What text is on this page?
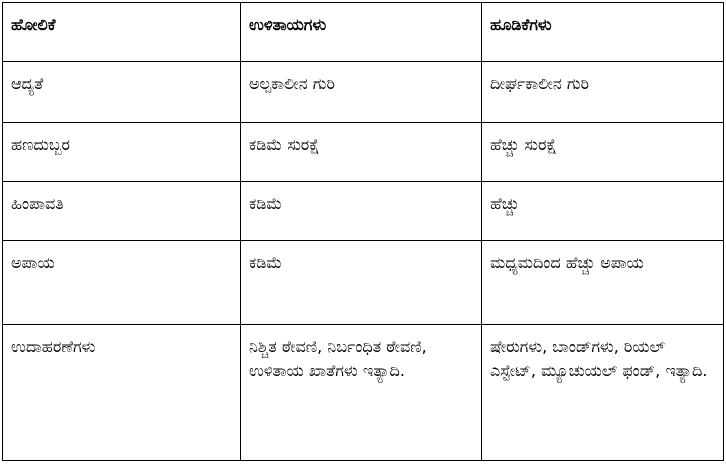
ಹೋಲಿಕೆ	ಉಳಿತಾಯಗಳು	ಹೂಡಿಕೆಗಳು
ಆದ್ಯತೆ	ಅಲ್ಪಕಾಲೀನ ಗುರಿ	ದೀರ್ಘಕಾಲೀನ ಗುರಿ
ಹಣದುಬ್ಬರ	ಕಡಿಮೆ ಸುರಕ್ಷೆ	ಹೆಚ್ಚು ಸುರಕ್ಷೆ
ಹಿಂಪಾವತಿ	ಕಡಿಮೆ	ಹೆಚ್ಚು
ಅಪಾಯ	ಕಡಿಮೆ	ಮಧ್ಯಮದಿಂದ ಹೆಚ್ಚು ಅಪಾಯ
ಉದಾಹರಣೆಗಳು	ನಿಶ್ಚಿತ ಠೇವಣಿ, ನಿರ್ಬಂಧಿತ ಠೇವಣಿ, ಉಳಿತಾಯ ಖಾತೆಗಳು ಇತ್ಯಾದಿ.	ಷೇರುಗಳು, ಬಾಂಡ್‌ಗಳು, ರಿಯಲ್ ಎಸ್ಟೇಟ್, ಮ್ಯೂಚುಯಲ್ ಫಂಡ್, ಇತ್ಯಾದಿ.
